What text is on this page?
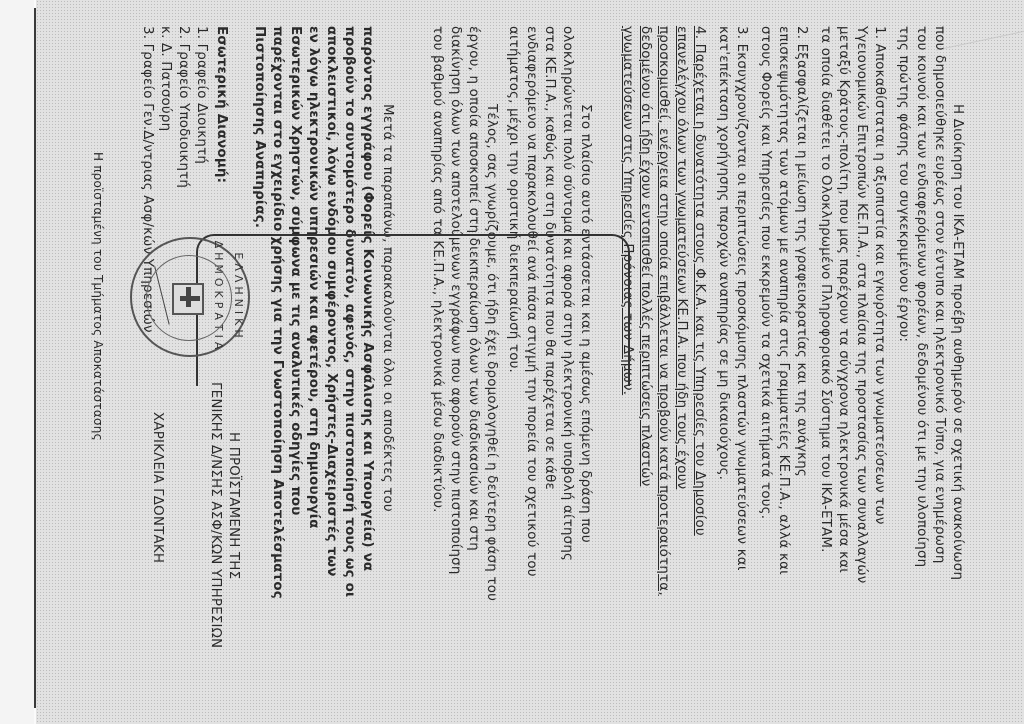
Η Διοίκηση του ΙΚΑ-ΕΤΑΜ προέβη αυθημερόν σε σχετική ανακοίνωση
που δημοσιεύθηκε ευρέως στον έντυπο και ηλεκτρονικό Τύπο, για ενημέρωση
του κοινού και των ενδιαφερόμενων φορέων, δεδομένου ότι με την υλοποίηση
της πρώτης φάσης του συγκεκριμένου έργου:
1. Αποκαθίσταται η αξιοπιστία και εγκυρότητα των γνωματεύσεων των
Υγειονομικών Επιτροπών ΚΕ.Π.Α., στα πλαίσια της προστασίας των συναλλαγών
μεταξύ Κράτους-πολίτη, που μας παρέχουν τα σύγχρονα ηλεκτρονικά μέσα και
τα οποία διαθέτει το Ολοκληρωμένο Πληροφοριακό Σύστημα του ΙΚΑ-ΕΤΑΜ.
2. Εξασφαλίζεται η μείωση της γραφειοκρατίας και της ανάγκης
επισκεψιμότητας των ατόμων με αναπηρία στις Γραμματείες ΚΕ.Π.Α., αλλά και
στους Φορείς και Υπηρεσίες που εκκρεμούν τα σχετικά αιτήματά τους.
3. Εκσυγχρονίζονται οι περιπτώσεις προσκόμισης πλαστών γνωματεύσεων και
κατ'επέκταση χορήγησης παροχών αναπηρίας σε μη δικαιούχους.
4. Παρέχεται η δυνατότητα στους Φ.Κ.Α. και τις Υπηρεσίες του Δημοσίου
επανελέγχου όλων των γνωματεύσεων ΚΕ.Π.Α. που ήδη τους έχουν
προσκομισθεί, ενέργεια στην οποία επιβάλλεται να προβούν κατά προτεραιότητα,
δεδομένου ότι ήδη έχουν εντοπισθεί πολλές περιπτώσεις πλαστών
γνωματεύσεων στις Υπηρεσίες Πρόνοιας των Δήμων.
Στο πλαίσιο αυτό εντάσσεται και η αμέσως επόμενη δράση που
ολοκληρώνεται πολύ σύντομα και αφορά στην ηλεκτρονική υποβολή αίτησης
στα ΚΕ.Π.Α., καθώς και στη δυνατότητα που θα παρέχεται σε κάθε
ενδιαφερόμενο να παρακολουθεί ανά πάσα στιγμή την πορεία του σχετικού του
αιτήματος, μέχρι την οριστική διεκπεραίωσή του.
Τέλος, σας γνωρίζουμε, ότι ήδη έχει δρομολογηθεί η δεύτερη φάση του
έργου, η οποία αποσκοπεί στη διεκπεραίωση όλων των διαδικασιών και στη
διακίνηση όλων των αποτελούμενων εγγράφων που αφορούν στην πιστοποίηση
του βαθμού αναπηρίας από τα ΚΕ.Π.Α., ηλεκτρονικά μέσω διαδικτύου.
Μετά τα παραπάνω, παρακαλούνται όλοι οι αποδέκτες του
παρόντος εγγράφου (Φορείς Κοινωνικής Ασφάλισης και Υπουργεία) να
προβούν το συντομότερο δυνατόν, αφενός, στην πιστοποίησή τους ως οι
αποκλειστικοί, λόγω ενδόμου συμφέροντος, Χρήστες-Διαχειριστές των
εν λόγω ηλεκτρονικών υπηρεσιών και αφετέρου, στη δημιουργία
Εσωτερικών Χρηστών, σύμφωνα με τις αναλυτικές οδηγίες που
παρέχονται στο εγχειρίδιο χρήσης για την Γνωστοποίηση Αποτελέσματος
Πιστοποίησης Αναπηρίας.
Εσωτερική Διανομή:
1. Γραφείο Διοικητή
2. Γραφείο Υποδιοικητή
κ. Δ. Πατσούρη
3. Γραφείο Γεν.Δ/ντριας Ασφ/κών Υπηρεσιών
Η ΠΡΟΪΣΤΑΜΕΝΗ ΤΗΣ
ΓΕΝΙΚΗΣ Δ/ΝΣΗΣ ΑΣΦ/ΚΩΝ ΥΠΗΡΕΣΙΩΝ
ΧΑΡΙΚΛΕΙΑ ΓΔΟΝΤΑΚΗ
Η προϊσταμένη του Τμήματος Αποκατάστασης	ΕΛΛΗΝΙΚΗ ΔΗΜΟΚΡΑΤΙΑ
